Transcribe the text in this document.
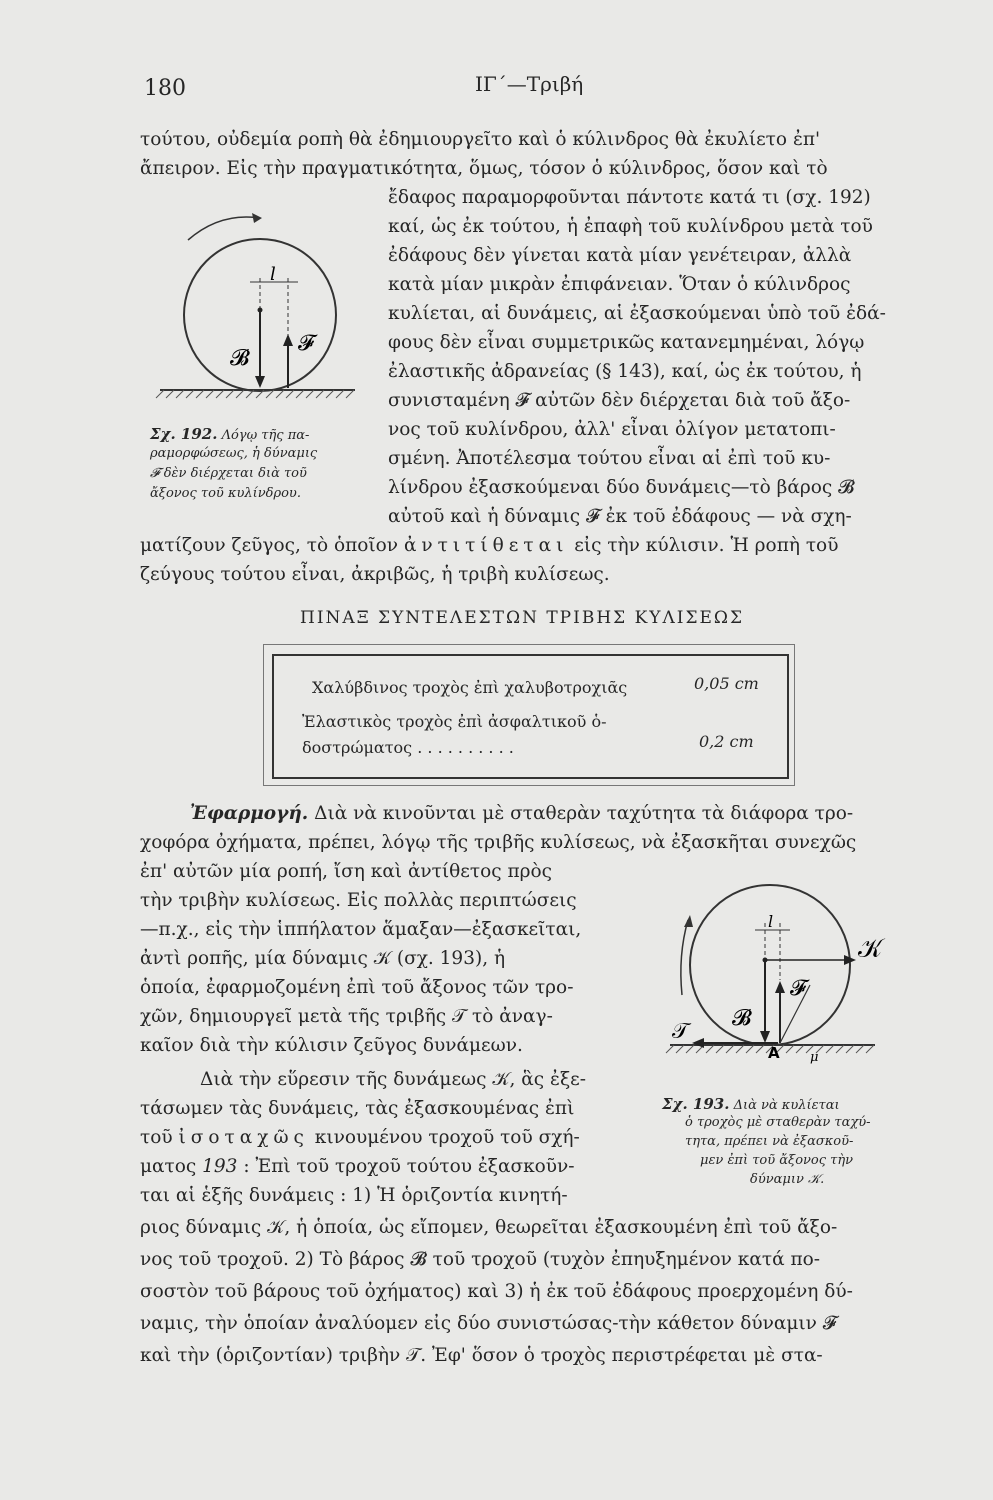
180	ΙΓ΄—Τριβή
τούτου, οὐδεμία ροπὴ θὰ ἐδημιουργεῖτο καὶ ὁ κύλινδρος θὰ ἐκυλίετο ἐπ'
ἄπειρον. Εἰς τὴν πραγματικότητα, ὅμως, τόσον ὁ κύλινδρος, ὅσον καὶ τὸ
ἔδαφος παραμορφοῦνται πάντοτε κατά τι (σχ. 192)
καί, ὡς ἐκ τούτου, ἡ ἐπαφὴ τοῦ κυλίνδρου μετὰ τοῦ
ἐδάφους δὲν γίνεται κατὰ μίαν γενέτειραν, ἀλλὰ
κατὰ μίαν μικρὰν ἐπιφάνειαν. Ὅταν ὁ κύλινδρος
κυλίεται, αἱ δυνάμεις, αἱ ἐξασκούμεναι ὑπὸ τοῦ ἐδά-
φους δὲν εἶναι συμμετρικῶς κατανεμημέναι, λόγῳ
ἐλαστικῆς ἀδρανείας (§ 143), καί, ὡς ἐκ τούτου, ἡ
συνισταμένη 𝓕 αὐτῶν δὲν διέρχεται διὰ τοῦ ἄξο-
νος τοῦ κυλίνδρου, ἀλλ' εἶναι ὀλίγον μετατοπι-
σμένη. Ἀποτέλεσμα τούτου εἶναι αἱ ἐπὶ τοῦ κυ-
λίνδρου ἐξασκούμεναι δύο δυνάμεις—τὸ βάρος 𝓑
αὐτοῦ καὶ ἡ δύναμις 𝓕 ἐκ τοῦ ἐδάφους — νὰ σχη-
ματίζουν ζεῦγος, τὸ ὁποῖον ἀντιτίθεται εἰς τὴν κύλισιν. Ἡ ροπὴ τοῦ
ζεύγους τούτου εἶναι, ἀκριβῶς, ἡ τριβὴ κυλίσεως.
l
𝓕
𝓑
Σχ. 192. Λόγῳ τῆς πα-
ραμορφώσεως, ἡ δύναμις
𝓕 δὲν διέρχεται διὰ τοῦ
ἄξονος τοῦ κυλίνδρου.
ΠΙΝΑΞ ΣΥΝΤΕΛΕΣΤΩΝ ΤΡΙΒΗΣ ΚΥΛΙΣΕΩΣ
Χαλύβδινος τροχὸς ἐπὶ χαλυβοτροχιᾶς	0,05 cm
Ἐλαστικὸς τροχὸς ἐπὶ ἀσφαλτικοῦ ὁ-
δοστρώματος . . . . . . . . . .	0,2 cm
Ἐφαρμογή. Διὰ νὰ κινοῦνται μὲ σταθερὰν ταχύτητα τὰ διάφορα τρο-
χοφόρα ὀχήματα, πρέπει, λόγῳ τῆς τριβῆς κυλίσεως, νὰ ἐξασκῆται συνεχῶς
ἐπ' αὐτῶν μία ροπή, ἴση καὶ ἀντίθετος πρὸς
τὴν τριβὴν κυλίσεως. Εἰς πολλὰς περιπτώσεις
—π.χ., εἰς τὴν ἱππήλατον ἅμαξαν—ἐξασκεῖται,
ἀντὶ ροπῆς, μία δύναμις 𝒦 (σχ. 193), ἡ
ὁποία, ἐφαρμοζομένη ἐπὶ τοῦ ἄξονος τῶν τρο-
χῶν, δημιουργεῖ μετὰ τῆς τριβῆς 𝒯 τὸ ἀναγ-
καῖον διὰ τὴν κύλισιν ζεῦγος δυνάμεων.
Διὰ τὴν εὕρεσιν τῆς δυνάμεως 𝒦, ἃς ἐξε-
τάσωμεν τὰς δυνάμεις, τὰς ἐξασκουμένας ἐπὶ
τοῦ ἰσοταχῶς κινουμένου τροχοῦ τοῦ σχή-
ματος 193 : Ἐπὶ τοῦ τροχοῦ τούτου ἐξασκοῦν-
ται αἱ ἑξῆς δυνάμεις : 1) Ἡ ὁριζοντία κινητή-
ριος δύναμις 𝒦, ἡ ὁποία, ὡς εἴπομεν, θεωρεῖται ἐξασκουμένη ἐπὶ τοῦ ἄξο-
νος τοῦ τροχοῦ. 2) Τὸ βάρος 𝓑 τοῦ τροχοῦ (τυχὸν ἐπηυξημένον κατά πο-
σοστὸν τοῦ βάρους τοῦ ὀχήματος) καὶ 3) ἡ ἐκ τοῦ ἐδάφους προερχομένη δύ-
ναμις, τὴν ὁποίαν ἀναλύομεν εἰς δύο συνιστώσας-τὴν κάθετον δύναμιν 𝓕
καὶ τὴν (ὁριζοντίαν) τριβὴν 𝒯. Ἐφ' ὅσον ὁ τροχὸς περιστρέφεται μὲ στα-
l
𝒦
𝓕
𝓑
𝒯
A μ
Σχ. 193. Διὰ νὰ κυλίεται
ὁ τροχὸς μὲ σταθερὰν ταχύ-
τητα, πρέπει νὰ ἐξασκοῦ-
μεν ἐπὶ τοῦ ἄξονος τὴν
δύναμιν 𝒦.
